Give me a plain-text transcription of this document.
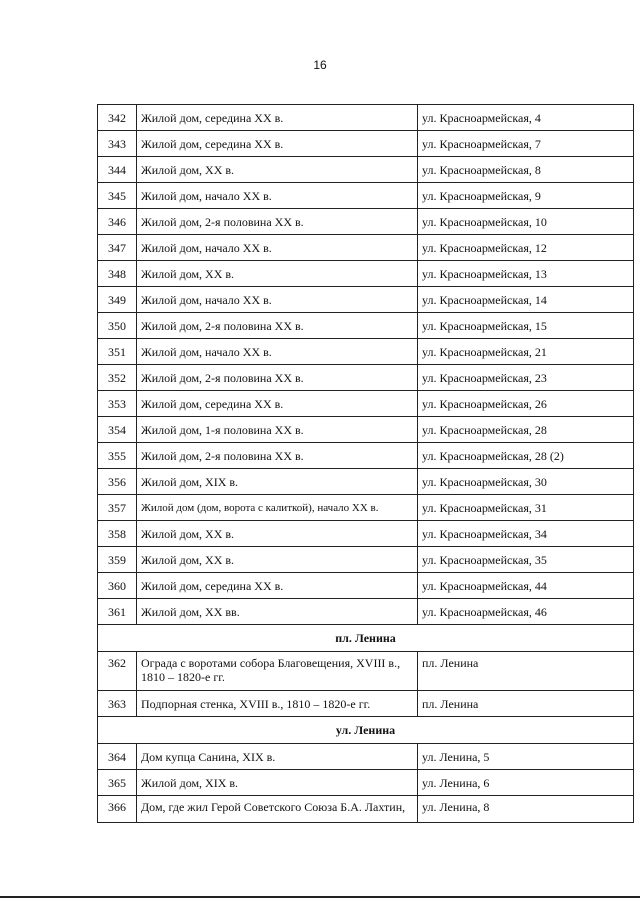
16
342	Жилой дом, середина XX в.	ул. Красноармейская, 4
343	Жилой дом, середина XX в.	ул. Красноармейская, 7
344	Жилой дом, XX в.	ул. Красноармейская, 8
345	Жилой дом, начало XX в.	ул. Красноармейская, 9
346	Жилой дом, 2-я половина XX в.	ул. Красноармейская, 10
347	Жилой дом, начало XX в.	ул. Красноармейская, 12
348	Жилой дом, XX в.	ул. Красноармейская, 13
349	Жилой дом, начало XX в.	ул. Красноармейская, 14
350	Жилой дом, 2-я половина XX в.	ул. Красноармейская, 15
351	Жилой дом, начало XX в.	ул. Красноармейская, 21
352	Жилой дом, 2-я половина XX в.	ул. Красноармейская, 23
353	Жилой дом, середина XX в.	ул. Красноармейская, 26
354	Жилой дом, 1-я половина XX в.	ул. Красноармейская, 28
355	Жилой дом, 2-я половина XX в.	ул. Красноармейская, 28 (2)
356	Жилой дом, XIX в.	ул. Красноармейская, 30
357	Жилой дом (дом, ворота с калиткой), начало XX в.	ул. Красноармейская, 31
358	Жилой дом, XX в.	ул. Красноармейская, 34
359	Жилой дом, XX в.	ул. Красноармейская, 35
360	Жилой дом, середина XX в.	ул. Красноармейская, 44
361	Жилой дом, XX вв.	ул. Красноармейская, 46
пл. Ленина		
362	Ограда с воротами собора Благовещения, XVIII в., 1810 – 1820-е гг.	пл. Ленина
363	Подпорная стенка, XVIII в., 1810 – 1820-е гг.	пл. Ленина
ул. Ленина		
364	Дом купца Санина, XIX в.	ул. Ленина, 5
365	Жилой дом, XIX в.	ул. Ленина, 6
366	Дом, где жил Герой Советского Союза Б.А. Лахтин,	ул. Ленина, 8
